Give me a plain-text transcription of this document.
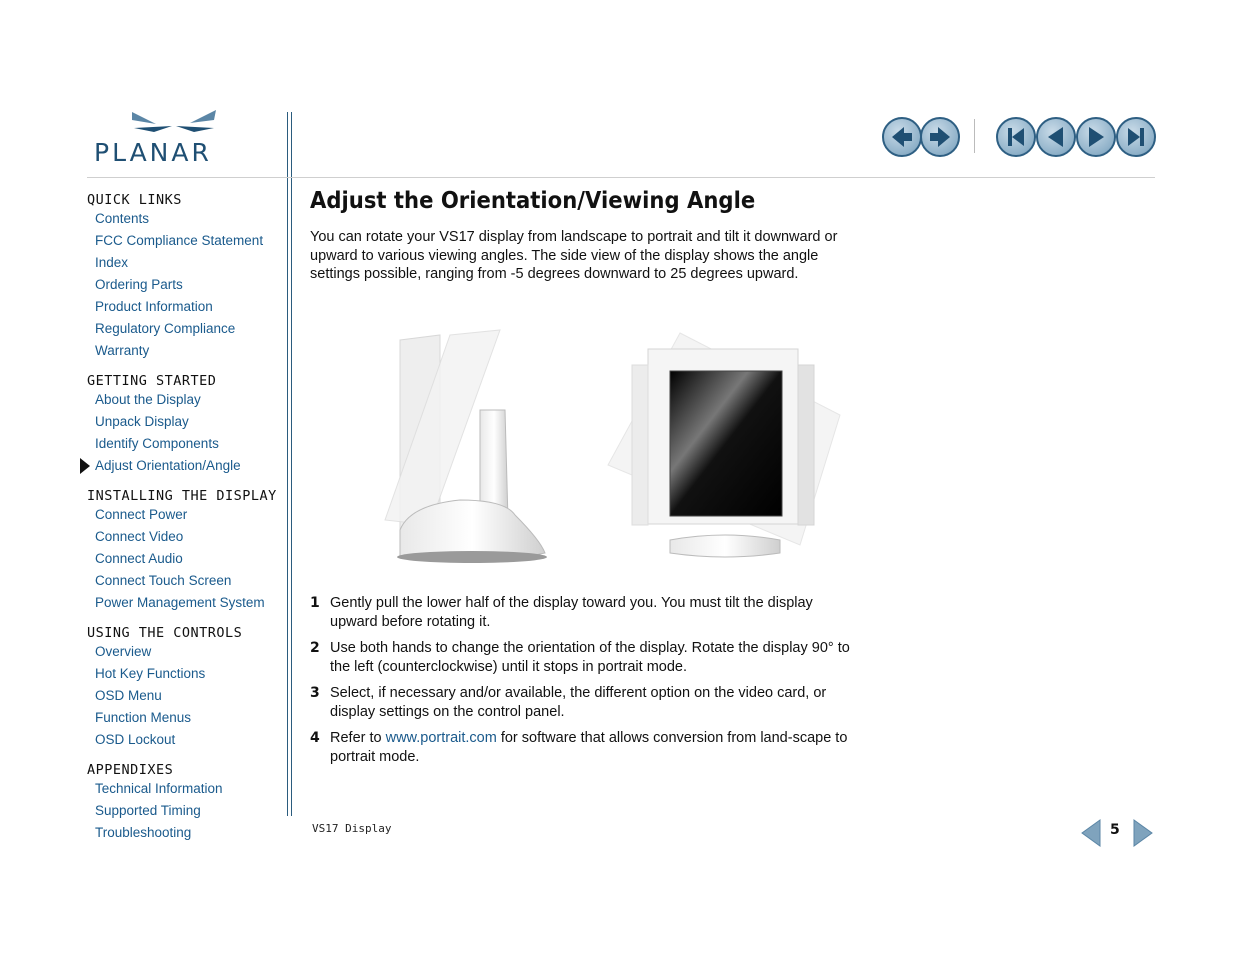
PLANAR
QUICK LINKS
Contents
FCC Compliance Statement
Index
Ordering Parts
Product Information
Regulatory Compliance
Warranty
GETTING STARTED
About the Display
Unpack Display
Identify Components
Adjust Orientation/Angle
INSTALLING THE DISPLAY
Connect Power
Connect Video
Connect Audio
Connect Touch Screen
Power Management System
USING THE CONTROLS
Overview
Hot Key Functions
OSD Menu
Function Menus
OSD Lockout
APPENDIXES
Technical Information
Supported Timing
Troubleshooting
Adjust the Orientation/Viewing Angle
You can rotate your VS17 display from landscape to portrait and tilt it downward or upward to various viewing angles. The side view of the display shows the angle settings possible, ranging from -5 degrees downward to 25 degrees upward.
1 Gently pull the lower half of the display toward you. You must tilt the display upward before rotating it.
2 Use both hands to change the orientation of the display. Rotate the display 90° to the left (counterclockwise) until it stops in portrait mode.
3 Select, if necessary and/or available, the different option on the video card, or display settings on the control panel.
4 Refer to www.portrait.com for software that allows conversion from land-scape to portrait mode.
VS17 Display	5
